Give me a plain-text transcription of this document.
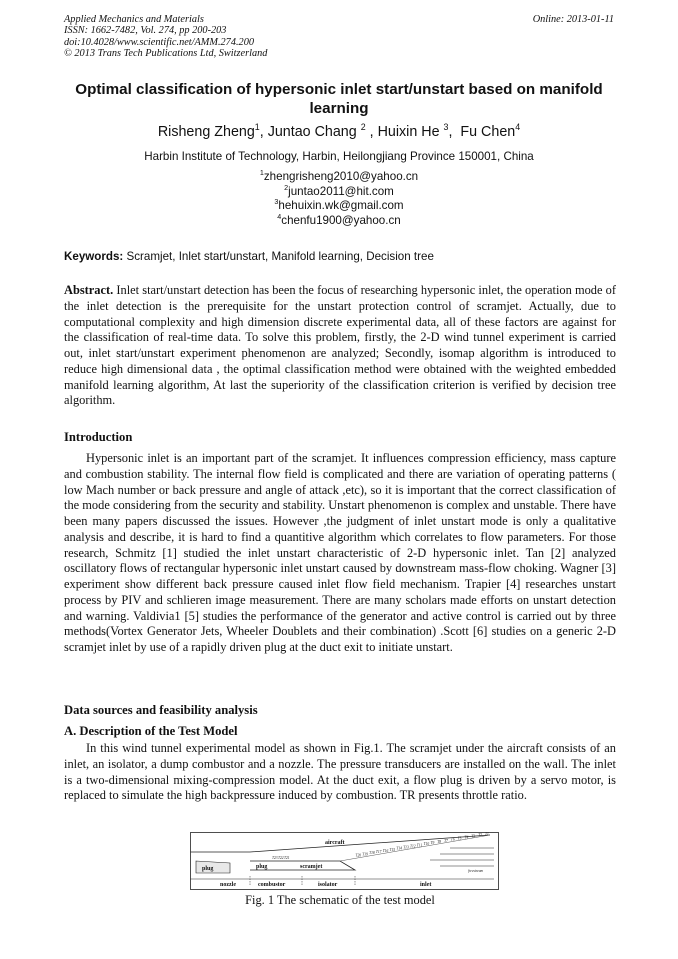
Applied Mechanics and Materials
ISSN: 1662-7482, Vol. 274, pp 200-203
doi:10.4028/www.scientific.net/AMM.274.200
© 2013 Trans Tech Publications Ltd, Switzerland
Online: 2013-01-11
Optimal classification of hypersonic inlet start/unstart based on manifold learning
Risheng Zheng$^1$, Juntao Chang $^2$ , Huixin He $^3$,  Fu Chen$^4$
Harbin Institute of Technology, Harbin, Heilongjiang Province 150001, China
$^1$zhengrisheng2010@yahoo.cn
$^2$juntao2011@hit.com
$^3$hehuixin.wk@gmail.com
$^4$chenfu1900@yahoo.cn
Keywords: Scramjet, Inlet start/unstart, Manifold learning, Decision tree
Abstract. Inlet start/unstart detection has been the focus of researching hypersonic inlet, the operation mode of the inlet detection is the prerequisite for the unstart protection control of scramjet. Actually, due to computational complexity and high dimension discrete experimental data, all of these factors are against for the classification of real-time data. To solve this problem, firstly, the 2-D wind tunnel experiment is carried out, inlet start/unstart experiment phenomenon are analyzed; Secondly, isomap algorithm is introduced to reduce high dimensional data , the optimal classification method were obtained with the weighted embedded manifold learning algorithm, At last the superiority of the classification criterion is verified by decision tree algorithm.
Introduction
Hypersonic inlet is an important part of the scramjet. It influences compression efficiency, mass capture and combustion stability. The internal flow field is complicated and there are variation of operating patterns ( low Mach number or back pressure and angle of attack ,etc), so it is important that the correct classification of the mode considering from the security and stability. Unstart phenomenon is complex and unstable. There have been many papers discussed the issues. However ,the judgment of inlet unstart mode is only a qualitative analysis and describe, it is hard to find a quantitive algorithm which correlates to flow parameters. For those research, Schmitz [1] studied the inlet unstart characteristic of 2-D hypersonic inlet. Tan [2] analyzed oscillatory flows of rectangular hypersonic inlet unstart caused by downstream mass-flow choking. Wagner [3] experiment show different back pressure caused inlet flow field mechanism. Trapier [4] researches unstart process by PIV and schlieren image measurement. There are many scholars made efforts on unstart detection and warning. Valdivia1 [5] studies the performance of the generator and active control is carried out by three methods(Vortex Generator Jets, Wheeler Doublets and their combination) .Scott [6] studies on a generic 2-D scramjet inlet by use of a rapidly driven plug at the duct exit to initiate unstart.
Data sources and feasibility analysis
A. Description of the Test Model
In this wind tunnel experimental model as shown in Fig.1. The scramjet under the aircraft consists of an inlet, an isolator, a dump combustor and a nozzle. The pressure transducers are installed on the wall. The inlet is a two-dimensional mixing-compression model. At the duct exit, a flow plug is driven by a servo motor, is replaced to simulate the high backpressure induced by combustion. TR presents throttle ratio.
T23 T22 T21
T20 T19 T18 T17 T16 T15 T14 T13 T12 T11 T10 T9 T8 T7 T6 T5 T4 T3 T2 T1
aircraft
plug	plug	scramjet
nozzle	combustor	isolator	inlet
freestream
Fig. 1 The schematic of the test model
